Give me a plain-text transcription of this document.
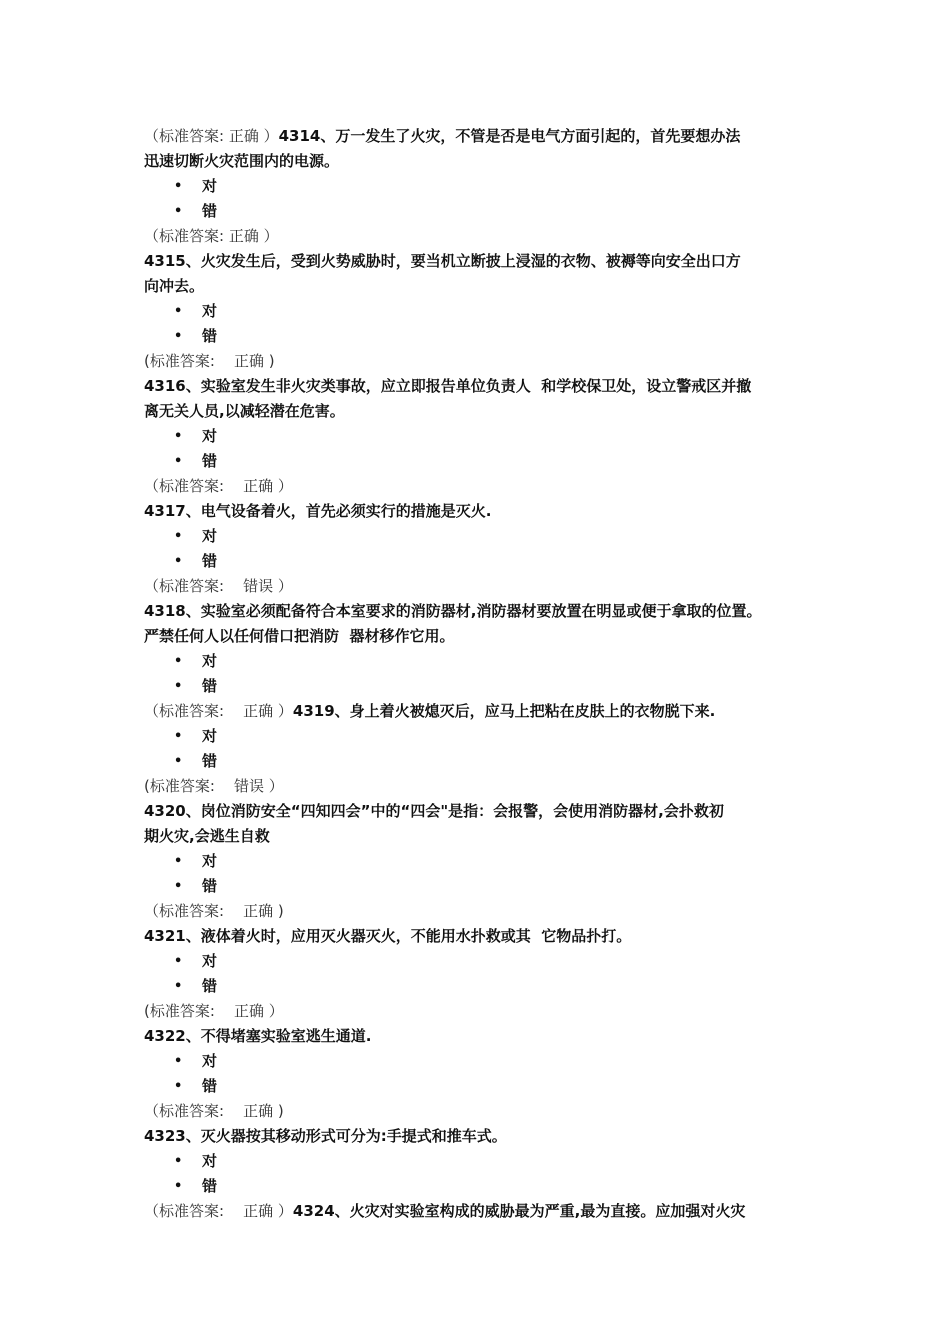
（标准答案: 正确 ）4314、万一发生了火灾，不管是否是电气方面引起的，首先要想办法
迅速切断火灾范围内的电源。
• 对
• 错
（标准答案: 正确 ）
4315、火灾发生后，受到火势威胁时，要当机立断披上浸湿的衣物、被褥等向安全出口方
向冲去。
• 对
• 错
(标准答案:    正确 )
4316、实验室发生非火灾类事故，应立即报告单位负责人  和学校保卫处，设立警戒区并撤
离无关人员,以减轻潜在危害。
• 对
• 错
（标准答案:    正确 ）
4317、电气设备着火，首先必须实行的措施是灭火.
• 对
• 错
（标准答案:    错误 ）
4318、实验室必须配备符合本室要求的消防器材,消防器材要放置在明显或便于拿取的位置。
严禁任何人以任何借口把消防  器材移作它用。
• 对
• 错
（标准答案:    正确 ）4319、身上着火被熄灭后，应马上把粘在皮肤上的衣物脱下来.
• 对
• 错
(标准答案:    错误 ）
4320、岗位消防安全“四知四会”中的“四会"是指：会报警，会使用消防器材,会扑救初
期火灾,会逃生自救
• 对
• 错
（标准答案:    正确 )
4321、液体着火时，应用灭火器灭火，不能用水扑救或其  它物品扑打。
• 对
• 错
(标准答案:    正确 ）
4322、不得堵塞实验室逃生通道.
• 对
• 错
（标准答案:    正确 )
4323、灭火器按其移动形式可分为:手提式和推车式。
• 对
• 错
（标准答案:    正确 ）4324、火灾对实验室构成的威胁最为严重,最为直接。应加强对火灾
